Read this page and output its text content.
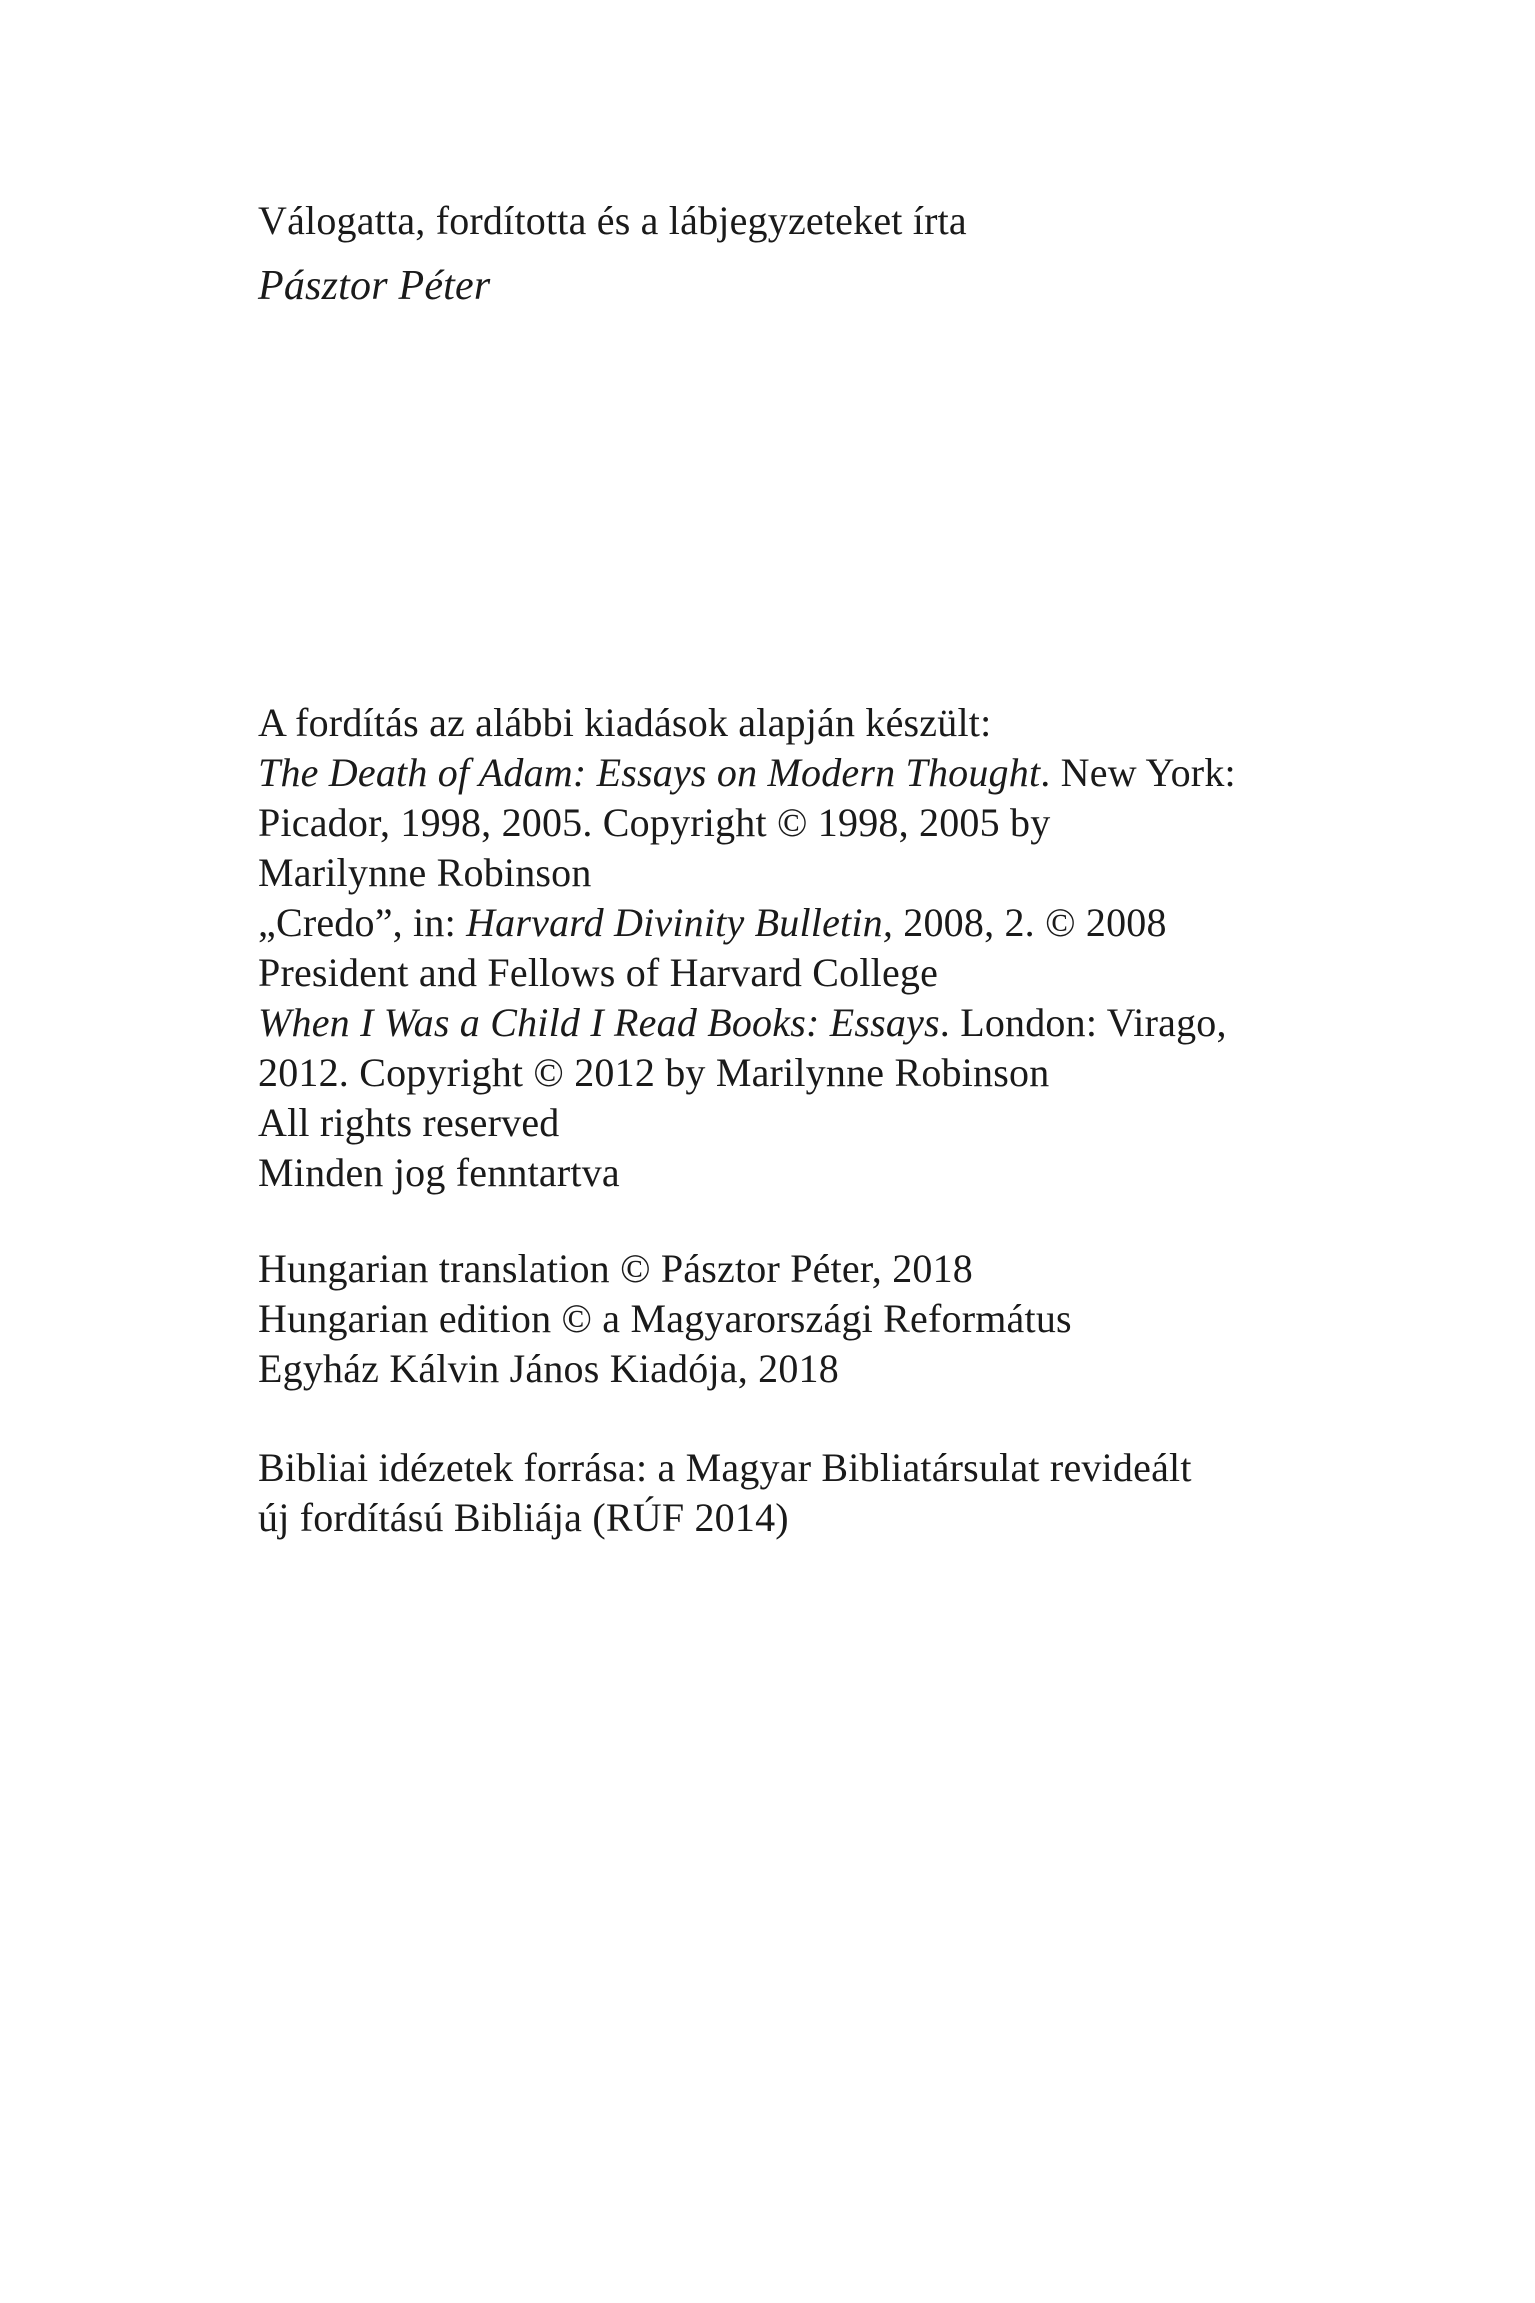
Válogatta, fordította és a lábjegyzeteket írta

Pásztor Péter

A fordítás az alábbi kiadások alapján készült:

The Death of Adam: Essays on Modern Thought. New York:

Picador, 1998, 2005. Copyright © 1998, 2005 by

Marilynne Robinson

„Credo”, in: Harvard Divinity Bulletin, 2008, 2. © 2008

President and Fellows of Harvard College

When I Was a Child I Read Books: Essays. London: Virago,

2012. Copyright © 2012 by Marilynne Robinson

All rights reserved

Minden jog fenntartva

Hungarian translation © Pásztor Péter, 2018

Hungarian edition © a Magyarországi Református

Egyház Kálvin János Kiadója, 2018

Bibliai idézetek forrása: a Magyar Bibliatársulat revideált

új fordítású Bibliája (RÚF 2014)
